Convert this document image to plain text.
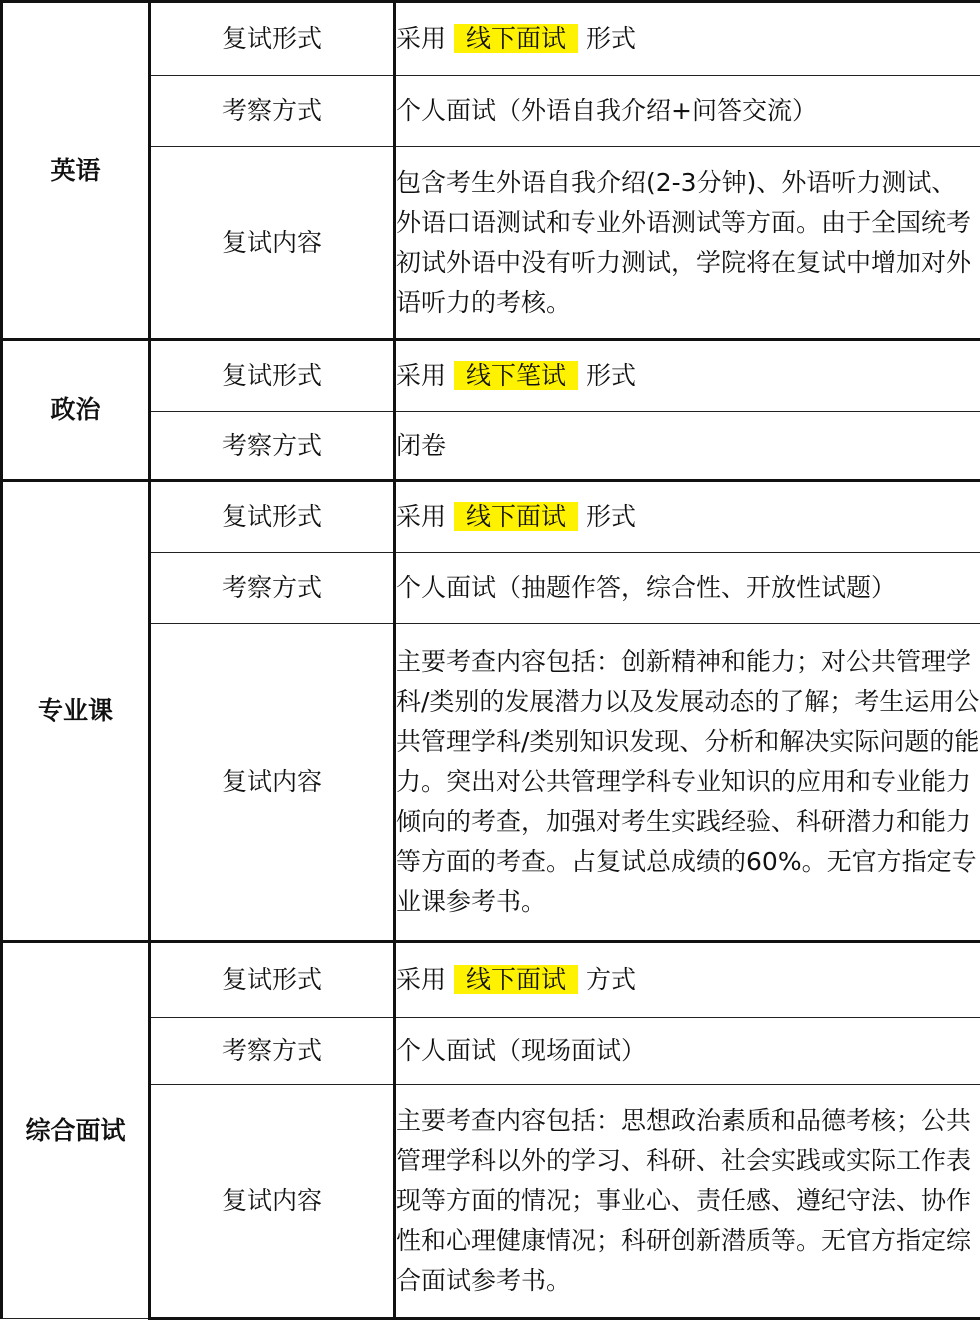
英语	复试形式	采用 线下面试 形式
	考察方式	个人面试（外语自我介绍+问答交流）
	复试内容	包含考生外语自我介绍(2-3分钟)、外语听力测试、外语口语测试和专业外语测试等方面。由于全国统考初试外语中没有听力测试，学院将在复试中增加对外语听力的考核。
政治	复试形式	采用 线下笔试 形式
	考察方式	闭卷
专业课	复试形式	采用 线下面试 形式
	考察方式	个人面试（抽题作答，综合性、开放性试题）
	复试内容	主要考查内容包括：创新精神和能力；对公共管理学科/类别的发展潜力以及发展动态的了解；考生运用公共管理学科/类别知识发现、分析和解决实际问题的能力。突出对公共管理学科专业知识的应用和专业能力倾向的考查，加强对考生实践经验、科研潜力和能力等方面的考查。占复试总成绩的60%。无官方指定专业课参考书。
综合面试	复试形式	采用 线下面试 方式
	考察方式	个人面试（现场面试）
	复试内容	主要考查内容包括：思想政治素质和品德考核；公共管理学科以外的学习、科研、社会实践或实际工作表现等方面的情况；事业心、责任感、遵纪守法、协作性和心理健康情况；科研创新潜质等。无官方指定综合面试参考书。
